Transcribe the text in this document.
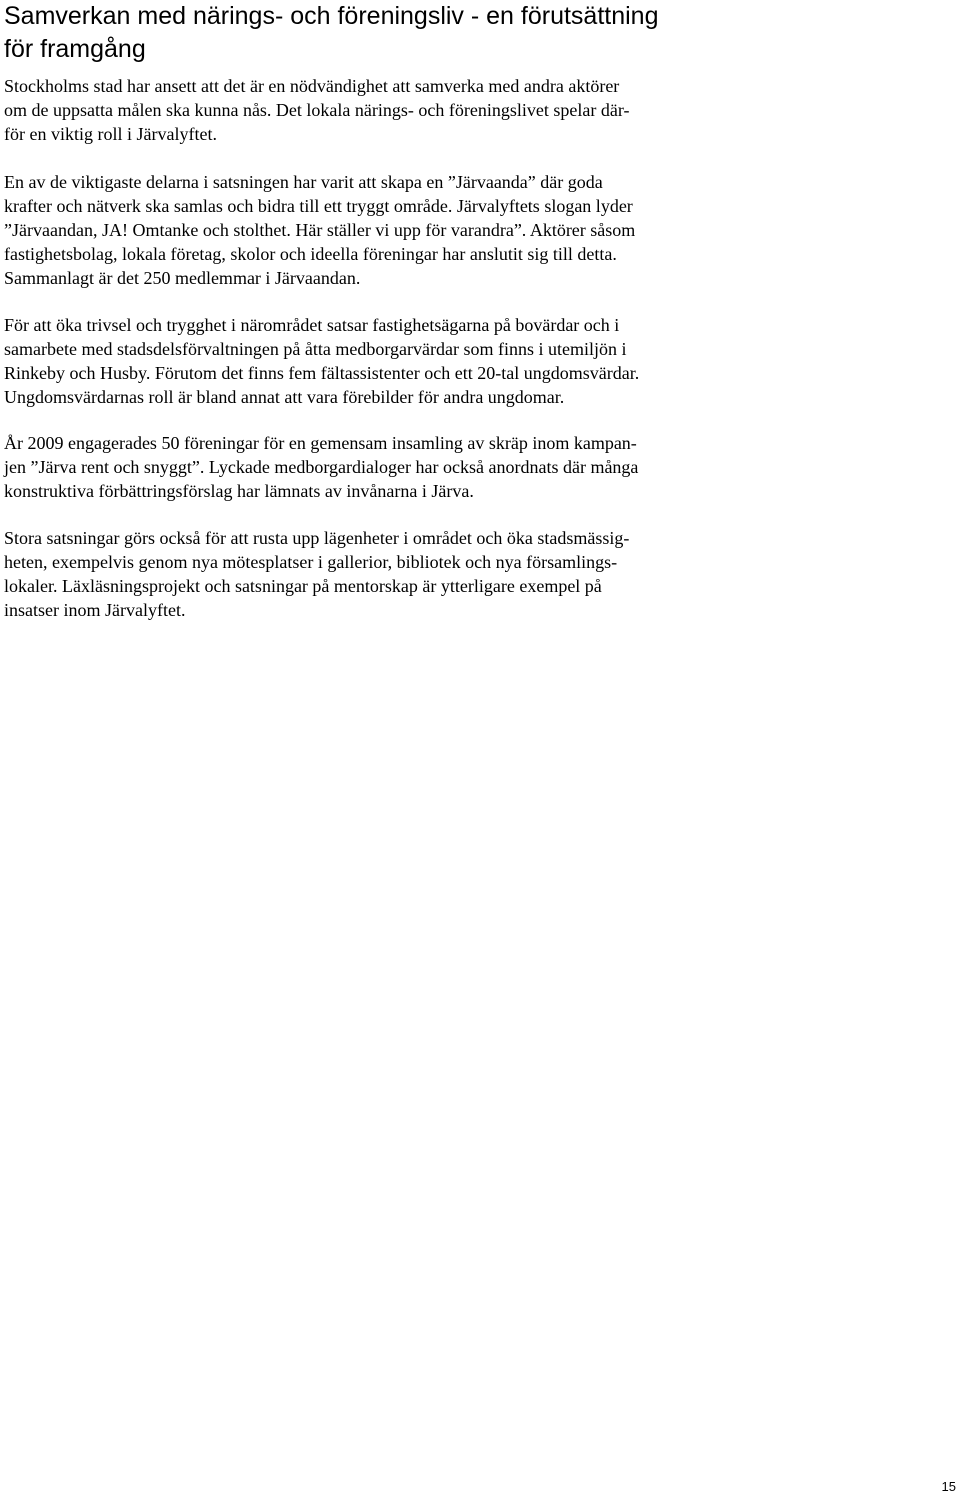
Samverkan med närings- och föreningsliv - en förutsättning
för framgång

Stockholms stad har ansett att det är en nödvändighet att samverka med andra aktörer
om de uppsatta målen ska kunna nås. Det lokala närings- och föreningslivet spelar där-
för en viktig roll i Järvalyftet.

En av de viktigaste delarna i satsningen har varit att skapa en ”Järvaanda” där goda
krafter och nätverk ska samlas och bidra till ett tryggt område. Järvalyftets slogan lyder
”Järvaandan, JA! Omtanke och stolthet. Här ställer vi upp för varandra”. Aktörer såsom
fastighetsbolag, lokala företag, skolor och ideella föreningar har anslutit sig till detta.
Sammanlagt är det 250 medlemmar i Järvaandan.

För att öka trivsel och trygghet i närområdet satsar fastighetsägarna på bovärdar och i
samarbete med stadsdelsförvaltningen på åtta medborgarvärdar som finns i utemiljön i
Rinkeby och Husby. Förutom det finns fem fältassistenter och ett 20-tal ungdomsvärdar.
Ungdomsvärdarnas roll är bland annat att vara förebilder för andra ungdomar.

År 2009 engagerades 50 föreningar för en gemensam insamling av skräp inom kampan-
jen ”Järva rent och snyggt”. Lyckade medborgardialoger har också anordnats där många
konstruktiva förbättringsförslag har lämnats av invånarna i Järva.

Stora satsningar görs också för att rusta upp lägenheter i området och öka stadsmässig-
heten, exempelvis genom nya mötesplatser i gallerior, bibliotek och nya församlings-
lokaler. Läxläsningsprojekt och satsningar på mentorskap är ytterligare exempel på
insatser inom Järvalyftet.

15
